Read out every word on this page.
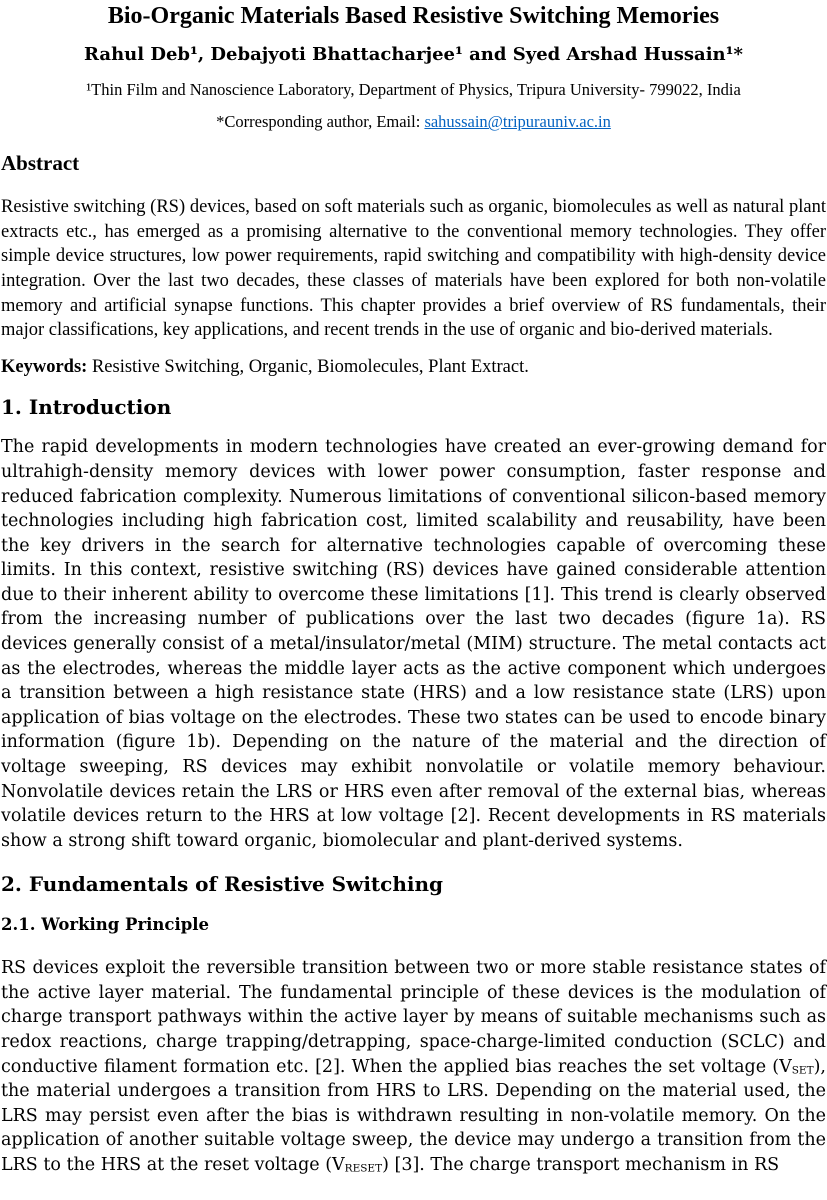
Bio-Organic Materials Based Resistive Switching Memories

Rahul Deb¹, Debajyoti Bhattacharjee¹ and Syed Arshad Hussain¹*

¹Thin Film and Nanoscience Laboratory, Department of Physics, Tripura University- 799022, India

*Corresponding author, Email: sahussain@tripurauniv.ac.in

Abstract

Resistive switching (RS) devices, based on soft materials such as organic, biomolecules as well as natural plant extracts etc., has emerged as a promising alternative to the conventional memory technologies. They offer simple device structures, low power requirements, rapid switching and compatibility with high-density device integration. Over the last two decades, these classes of materials have been explored for both non-volatile memory and artificial synapse functions. This chapter provides a brief overview of RS fundamentals, their major classifications, key applications, and recent trends in the use of organic and bio-derived materials.

Keywords: Resistive Switching, Organic, Biomolecules, Plant Extract.

1. Introduction

The rapid developments in modern technologies have created an ever-growing demand for ultrahigh-density memory devices with lower power consumption, faster response and reduced fabrication complexity. Numerous limitations of conventional silicon-based memory technologies including high fabrication cost, limited scalability and reusability, have been the key drivers in the search for alternative technologies capable of overcoming these limits. In this context, resistive switching (RS) devices have gained considerable attention due to their inherent ability to overcome these limitations [1]. This trend is clearly observed from the increasing number of publications over the last two decades (figure 1a). RS devices generally consist of a metal/insulator/metal (MIM) structure. The metal contacts act as the electrodes, whereas the middle layer acts as the active component which undergoes a transition between a high resistance state (HRS) and a low resistance state (LRS) upon application of bias voltage on the electrodes. These two states can be used to encode binary information (figure 1b). Depending on the nature of the material and the direction of voltage sweeping, RS devices may exhibit nonvolatile or volatile memory behaviour. Nonvolatile devices retain the LRS or HRS even after removal of the external bias, whereas volatile devices return to the HRS at low voltage [2]. Recent developments in RS materials show a strong shift toward organic, biomolecular and plant-derived systems.

2. Fundamentals of Resistive Switching
2.1. Working Principle

RS devices exploit the reversible transition between two or more stable resistance states of the active layer material. The fundamental principle of these devices is the modulation of charge transport pathways within the active layer by means of suitable mechanisms such as redox reactions, charge trapping/detrapping, space-charge-limited conduction (SCLC) and conductive filament formation etc. [2]. When the applied bias reaches the set voltage $(V_{SET})$, the material undergoes a transition from HRS to LRS. Depending on the material used, the LRS may persist even after the bias is withdrawn resulting in non-volatile memory. On the application of another suitable voltage sweep, the device may undergo a transition from the LRS to the HRS at the reset voltage $(V_{RESET})$ [3]. The charge transport mechanism in RS
